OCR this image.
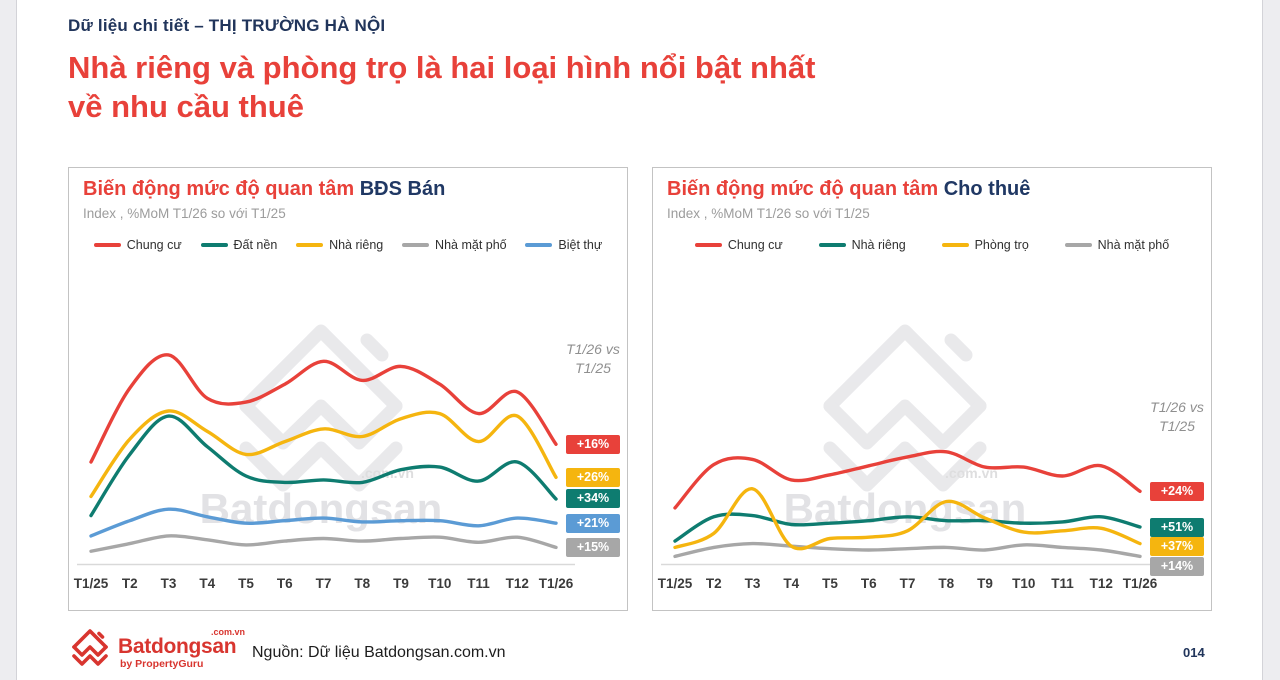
Dữ liệu chi tiết – THỊ TRƯỜNG HÀ NỘI
Nhà riêng và phòng trọ là hai loại hình nổi bật nhất
về nhu cầu thuê
Biến động mức độ quan tâm BĐS Bán
Index , %MoM T1/26 so với T1/25
Chung cư	Đất nền	Nhà riêng	Nhà mặt phố	Biệt thự
Batdongsan
.com.vn
T1/25 T2 T3 T4 T5 T6 T7 T8 T9 T10 T11 T12 T1/26
T1/26 vs
T1/25
+16%
+26%
+34%
+21%
+15%
Biến động mức độ quan tâm Cho thuê
Index , %MoM T1/26 so với T1/25
Chung cư	Nhà riêng	Phòng trọ	Nhà mặt phố
Batdongsan
.com.vn
T1/25 T2 T3 T4 T5 T6 T7 T8 T9 T10 T11 T12 T1/26
T1/26 vs
T1/25
+24%
+51%
+37%
+14%
.com.vn
Batdongsan
by PropertyGuru
Nguồn: Dữ liệu Batdongsan.com.vn	014
